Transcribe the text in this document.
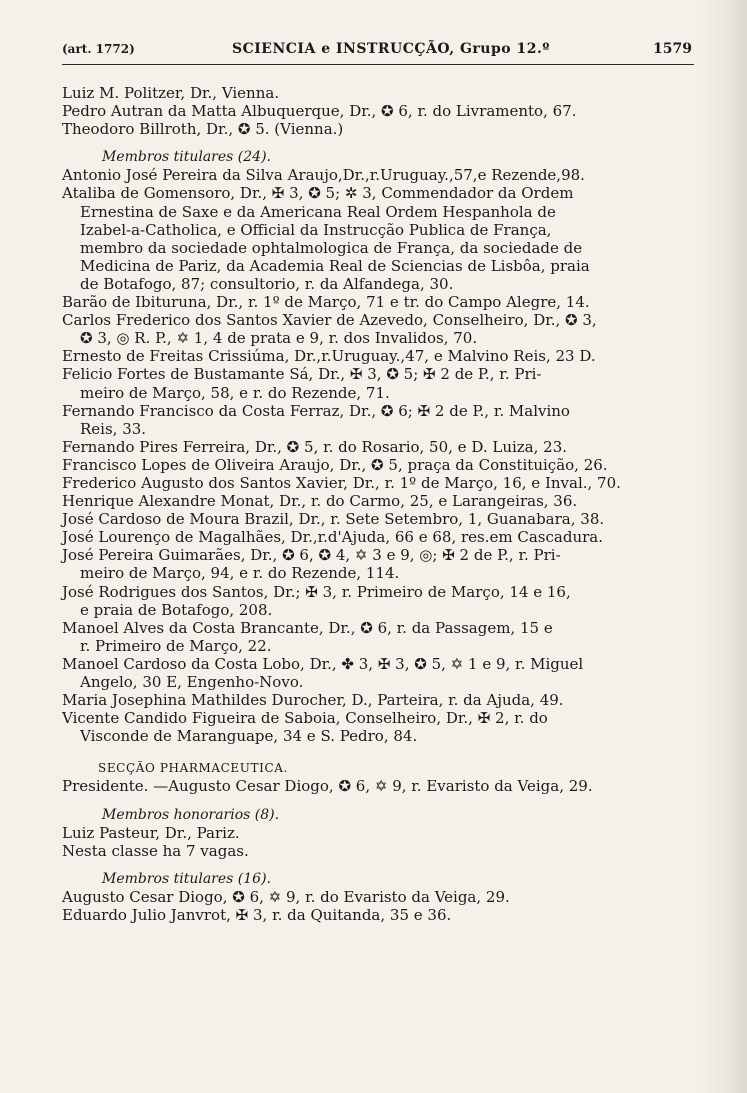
(art. 1772)	SCIENCIA e INSTRUCÇÃO, Grupo 12.º	1579
Luiz M. Politzer, Dr., Vienna.
Pedro Autran da Matta Albuquerque, Dr., ✪ 6, r. do Livramento, 67.
Theodoro Billroth, Dr., ✪ 5. (Vienna.)
Membros titulares (24).
Antonio José Pereira da Silva Araujo,Dr.,r.Uruguay.,57,e Rezende,98.
Ataliba de Gomensoro, Dr., ✠ 3, ✪ 5; ✲ 3, Commendador da Ordem
Ernestina de Saxe e da Americana Real Ordem Hespanhola de
Izabel-a-Catholica, e Official da Instrucção Publica de França,
membro da sociedade ophtalmologica de França, da sociedade de
Medicina de Pariz, da Academia Real de Sciencias de Lisbôa, praia
de Botafogo, 87; consultorio, r. da Alfandega, 30.
Barão de Ibituruna, Dr., r. 1º de Março, 71 e tr. do Campo Alegre, 14.
Carlos Frederico dos Santos Xavier de Azevedo, Conselheiro, Dr., ✪ 3,
✪ 3, ◎ R. P., ✡ 1, 4 de prata e 9, r. dos Invalidos, 70.
Ernesto de Freitas Crissiúma, Dr.,r.Uruguay.,47, e Malvino Reis, 23 D.
Felicio Fortes de Bustamante Sá, Dr., ✠ 3, ✪ 5; ✠ 2 de P., r. Pri-
meiro de Março, 58, e r. do Rezende, 71.
Fernando Francisco da Costa Ferraz, Dr., ✪ 6; ✠ 2 de P., r. Malvino
Reis, 33.
Fernando Pires Ferreira, Dr., ✪ 5, r. do Rosario, 50, e D. Luiza, 23.
Francisco Lopes de Oliveira Araujo, Dr., ✪ 5, praça da Constituição, 26.
Frederico Augusto dos Santos Xavier, Dr., r. 1º de Março, 16, e Inval., 70.
Henrique Alexandre Monat, Dr., r. do Carmo, 25, e Larangeiras, 36.
José Cardoso de Moura Brazil, Dr., r. Sete Setembro, 1, Guanabara, 38.
José Lourenço de Magalhães, Dr.,r.d'Ajuda, 66 e 68, res.em Cascadura.
José Pereira Guimarães, Dr., ✪ 6, ✪ 4, ✡ 3 e 9, ◎; ✠ 2 de P., r. Pri-
meiro de Março, 94, e r. do Rezende, 114.
José Rodrigues dos Santos, Dr.; ✠ 3, r. Primeiro de Março, 14 e 16,
e praia de Botafogo, 208.
Manoel Alves da Costa Brancante, Dr., ✪ 6, r. da Passagem, 15 e
r. Primeiro de Março, 22.
Manoel Cardoso da Costa Lobo, Dr., ✤ 3, ✠ 3, ✪ 5, ✡ 1 e 9, r. Miguel
Angelo, 30 E, Engenho-Novo.
Maria Josephina Mathildes Durocher, D., Parteira, r. da Ajuda, 49.
Vicente Candido Figueira de Saboia, Conselheiro, Dr., ✠ 2, r. do
Visconde de Maranguape, 34 e S. Pedro, 84.
SECÇÃO PHARMACEUTICA.
Presidente. —Augusto Cesar Diogo, ✪ 6, ✡ 9, r. Evaristo da Veiga, 29.
Membros honorarios (8).
Luiz Pasteur, Dr., Pariz.
Nesta classe ha 7 vagas.
Membros titulares (16).
Augusto Cesar Diogo, ✪ 6, ✡ 9, r. do Evaristo da Veiga, 29.
Eduardo Julio Janvrot, ✠ 3, r. da Quitanda, 35 e 36.
